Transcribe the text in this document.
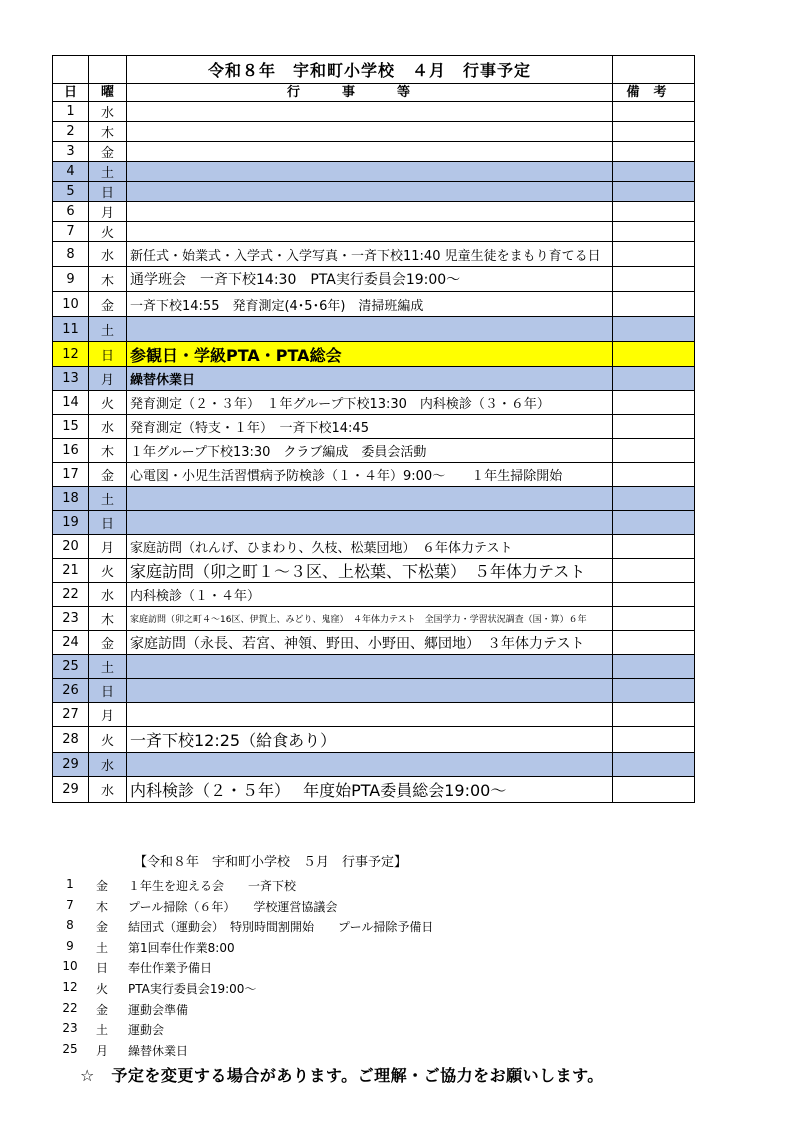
		令和８年　宇和町小学校　４月　行事予定	
日	曜	行事等	備考
1	水		
2	木		
3	金		
4	土		
5	日		
6	月		
7	火		
8	水	新任式・始業式・入学式・入学写真・一斉下校11:40 児童生徒をまもり育てる日	
9	木	通学班会　一斉下校14:30　PTA実行委員会19:00～	
10	金	一斉下校14:55　発育測定(4･5･6年)　清掃班編成	
11	土		
12	日	参観日・学級PTA・PTA総会	
13	月	繰替休業日	
14	火	発育測定（２・３年）　１年グループ下校13:30　内科検診（３・６年）	
15	水	発育測定（特支・１年）　一斉下校14:45	
16	木	１年グループ下校13:30　クラブ編成　委員会活動	
17	金	心電図・小児生活習慣病予防検診（１・４年）9:00～　　１年生掃除開始	
18	土		
19	日		
20	月	家庭訪問（れんげ、ひまわり、久枝、松葉団地）　６年体力テスト	
21	火	家庭訪問（卯之町１～３区、上松葉、下松葉）　５年体力テスト	
22	水	内科検診（１・４年）	
23	木	家庭訪問（卯之町４～16区、伊賀上、みどり、鬼窪）　４年体力テスト　全国学力・学習状況調査（国・算）６年	
24	金	家庭訪問（永長、若宮、神領、野田、小野田、郷団地）　３年体力テスト	
25	土		
26	日		
27	月		
28	火	一斉下校12:25（給食あり）	
29	水		
29	水	内科検診（２・５年）　 年度始PTA委員総会19:00～	
【令和８年　宇和町小学校　５月　行事予定】
1	金 １年生を迎える会　　一斉下校
7	木 プール掃除（６年）　　学校運営協議会
8	金 結団式（運動会）　特別時間割開始　　プール掃除予備日
9	土 第1回奉仕作業8:00
10	日 奉仕作業予備日
12	火 PTA実行委員会19:00～
22	金 運動会準備
23	土 運動会
25	月 繰替休業日
☆　予定を変更する場合があります。ご理解・ご協力をお願いします。
